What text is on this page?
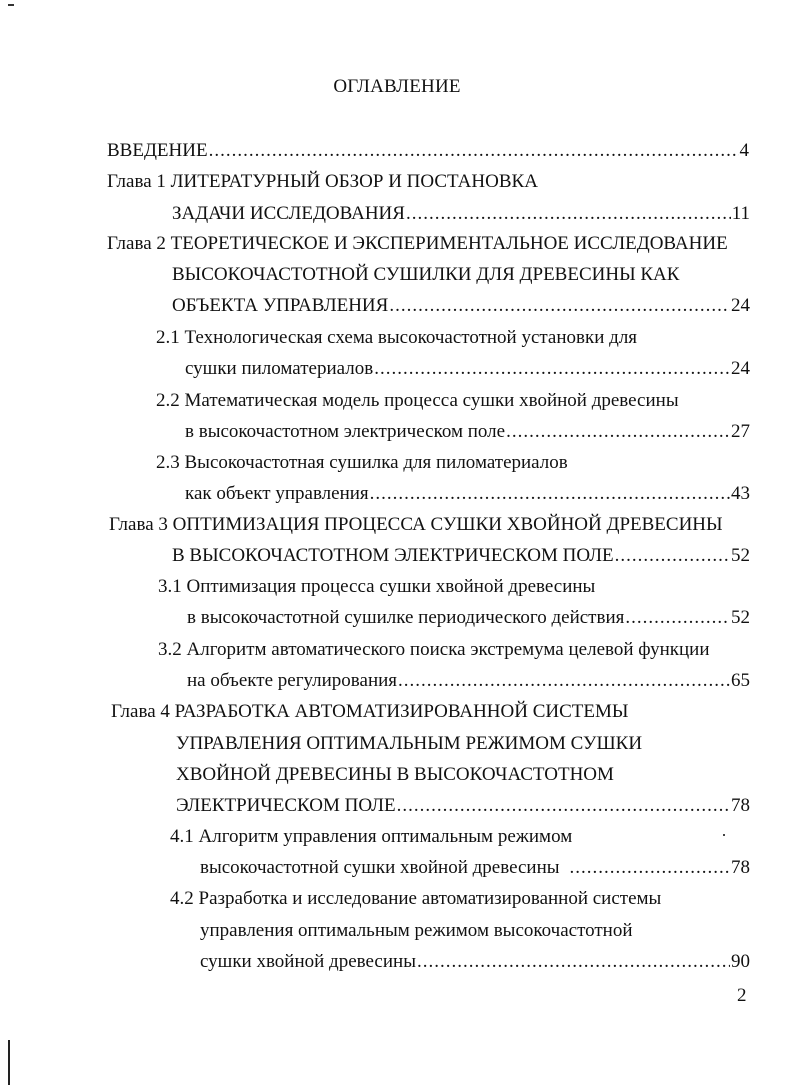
ОГЛАВЛЕНИЕ
ВВЕДЕНИЕ .....	4
Глава 1 ЛИТЕРАТУРНЫЙ ОБЗОР И ПОСТАНОВКА
ЗАДАЧИ ИССЛЕДОВАНИЯ .....	11
Глава 2 ТЕОРЕТИЧЕСКОЕ И ЭКСПЕРИМЕНТАЛЬНОЕ ИССЛЕДОВАНИЕ
ВЫСОКОЧАСТОТНОЙ СУШИЛКИ ДЛЯ ДРЕВЕСИНЫ КАК
ОБЪЕКТА УПРАВЛЕНИЯ .....	24
2.1 Технологическая схема высокочастотной установки для
сушки пиломатериалов .....	24
2.2 Математическая модель процесса сушки хвойной древесины
в высокочастотном электрическом поле .....	27
2.3 Высокочастотная сушилка для пиломатериалов
как объект управления .....	43
Глава 3 ОПТИМИЗАЦИЯ ПРОЦЕССА СУШКИ ХВОЙНОЙ ДРЕВЕСИНЫ
В ВЫСОКОЧАСТОТНОМ ЭЛЕКТРИЧЕСКОМ ПОЛЕ .....	52
3.1 Оптимизация процесса сушки хвойной древесины
в высокочастотной сушилке периодического действия .....	52
3.2 Алгоритм автоматического поиска экстремума целевой функции
на объекте регулирования .....	65
Глава 4 РАЗРАБОТКА АВТОМАТИЗИРОВАННОЙ СИСТЕМЫ
УПРАВЛЕНИЯ ОПТИМАЛЬНЫМ РЕЖИМОМ СУШКИ
ХВОЙНОЙ ДРЕВЕСИНЫ В ВЫСОКОЧАСТОТНОМ
ЭЛЕКТРИЧЕСКОМ ПОЛЕ .....	78
4.1 Алгоритм управления оптимальным режимом
высокочастотной сушки хвойной древесины .....	78
4.2 Разработка и исследование автоматизированной системы
управления оптимальным режимом высокочастотной
сушки хвойной древесины .....	90
2
